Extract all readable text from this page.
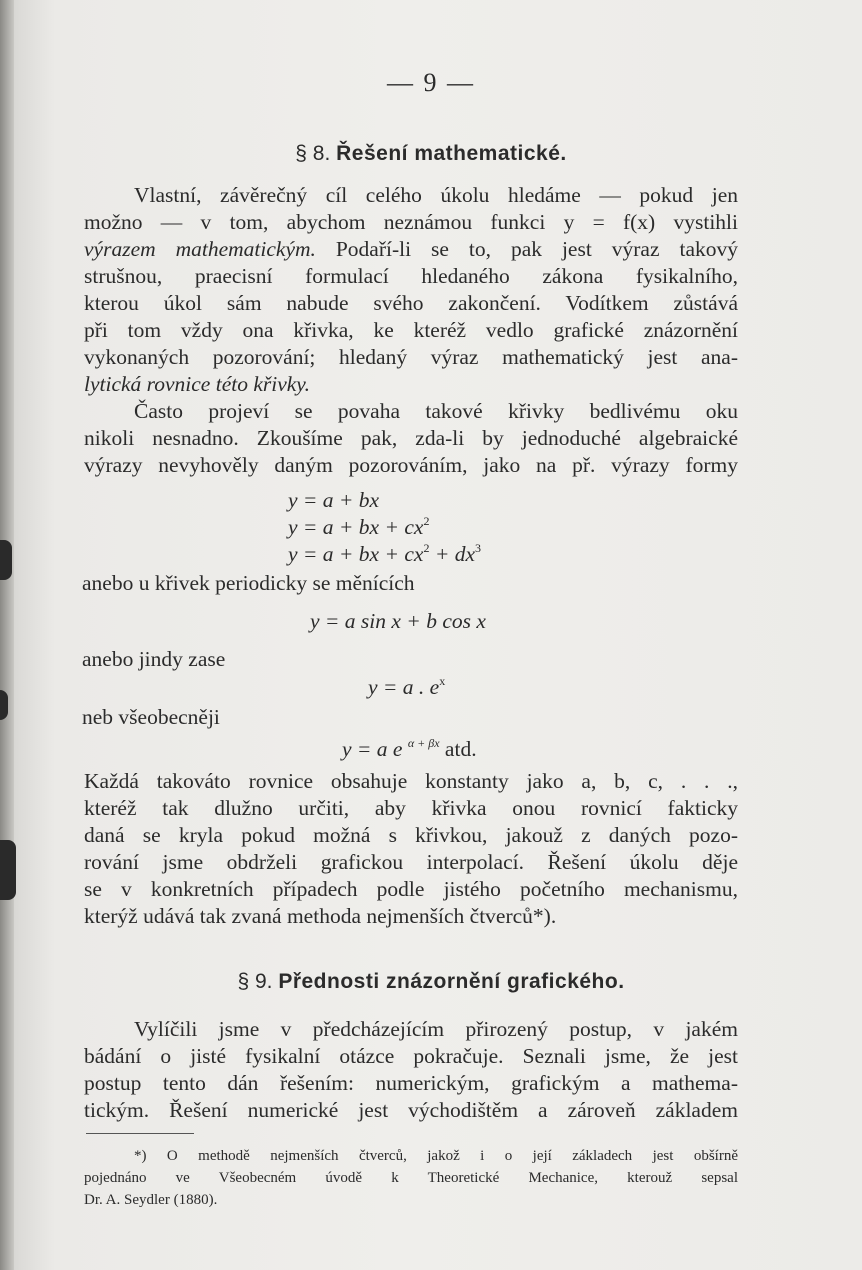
— 9 —
§ 8. Řešení mathematické.
Vlastní, závěrečný cíl celého úkolu hledáme — pokud jen
možno — v tom, abychom neznámou funkci y = f(x) vystihli
výrazem mathematickým. Podaří-li se to, pak jest výraz takový
strušnou, praecisní formulací hledaného zákona fysikalního,
kterou úkol sám nabude svého zakončení. Vodítkem zůstává
při tom vždy ona křivka, ke kteréž vedlo grafické znázornění
vykonaných pozorování; hledaný výraz mathematický jest ana-
lytická rovnice této křivky.
Často projeví se povaha takové křivky bedlivému oku
nikoli nesnadno. Zkoušíme pak, zda-li by jednoduché algebraické
výrazy nevyhověly daným pozorováním, jako na př. výrazy formy
y = a + bx
y = a + bx + $cx^2$
y = a + bx + $cx^2 + dx^3$
anebo u křivek periodicky se měnících
y = a sin x + b cos x
anebo jindy zase
y = a . $e^x$
neb všeobecněji
y = a e $^{\alpha + \beta x}$ atd.
Každá takováto rovnice obsahuje konstanty jako a, b, c, . . .,
kteréž tak dlužno určiti, aby křivka onou rovnicí fakticky
daná se kryla pokud možná s křivkou, jakouž z daných pozo-
rování jsme obdrželi grafickou interpolací. Řešení úkolu děje
se v konkretních případech podle jistého početního mechanismu,
kterýž udává tak zvaná methoda nejmenších čtverců*).
§ 9. Přednosti znázornění grafického.
Vylíčili jsme v předcházejícím přirozený postup, v jakém
bádání o jisté fysikalní otázce pokračuje. Seznali jsme, že jest
postup tento dán řešením: numerickým, grafickým a mathema-
tickým. Řešení numerické jest východištěm a zároveň základem
*) O methodě nejmenších čtverců, jakož i o její základech jest obšírně
pojednáno ve Všeobecném úvodě k Theoretické Mechanice, kterouž sepsal
Dr. A. Seydler (1880).
